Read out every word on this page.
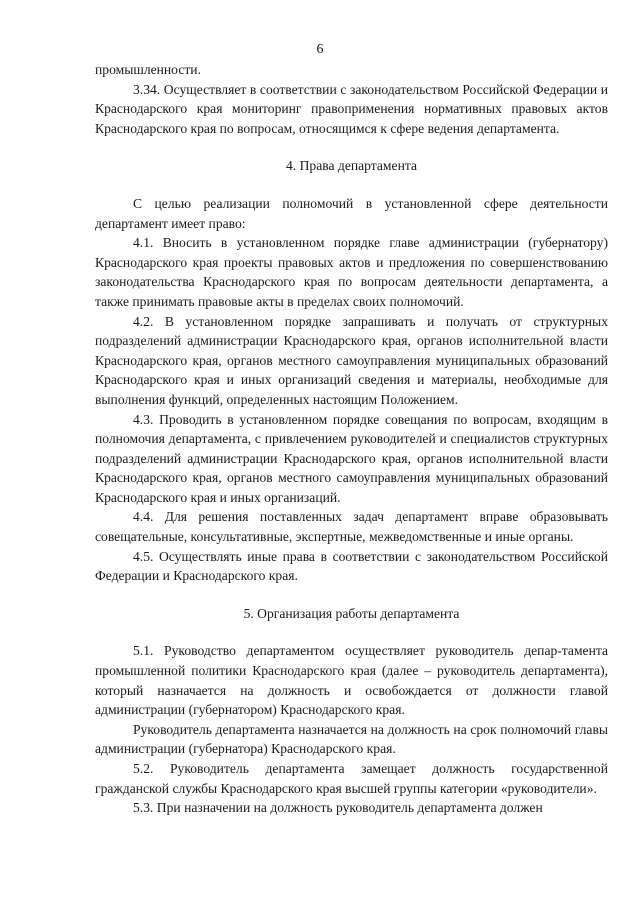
6

промышленности.

3.34. Осуществляет в соответствии с законодательством Российской Федерации и Краснодарского края мониторинг правоприменения нормативных правовых актов Краснодарского края по вопросам, относящимся к сфере ведения департамента.

4. Права департамента

С целью реализации полномочий в установленной сфере деятельности департамент имеет право:

4.1. Вносить в установленном порядке главе администрации (губернатору) Краснодарского края проекты правовых актов и предложения по совершенствованию законодательства Краснодарского края по вопросам деятельности департамента, а также принимать правовые акты в пределах своих полномочий.

4.2. В установленном порядке запрашивать и получать от структурных подразделений администрации Краснодарского края, органов исполнительной власти Краснодарского края, органов местного самоуправления муниципальных образований Краснодарского края и иных организаций сведения и материалы, необходимые для выполнения функций, определенных настоящим Положением.

4.3. Проводить в установленном порядке совещания по вопросам, входящим в полномочия департамента, с привлечением руководителей и специалистов структурных подразделений администрации Краснодарского края, органов исполнительной власти Краснодарского края, органов местного самоуправления муниципальных образований Краснодарского края и иных организаций.

4.4. Для решения поставленных задач департамент вправе образовывать совещательные, консультативные, экспертные, межведомственные и иные органы.

4.5. Осуществлять иные права в соответствии с законодательством Российской Федерации и Краснодарского края.

5. Организация работы департамента

5.1. Руководство департаментом осуществляет руководитель депар-тамента промышленной политики Краснодарского края (далее – руководитель департамента), который назначается на должность и освобождается от должности главой администрации (губернатором) Краснодарского края.

Руководитель департамента назначается на должность на срок полномочий главы администрации (губернатора) Краснодарского края.

5.2. Руководитель департамента замещает должность государственной гражданской службы Краснодарского края высшей группы категории «руководители».

5.3. При назначении на должность руководитель департамента должен
